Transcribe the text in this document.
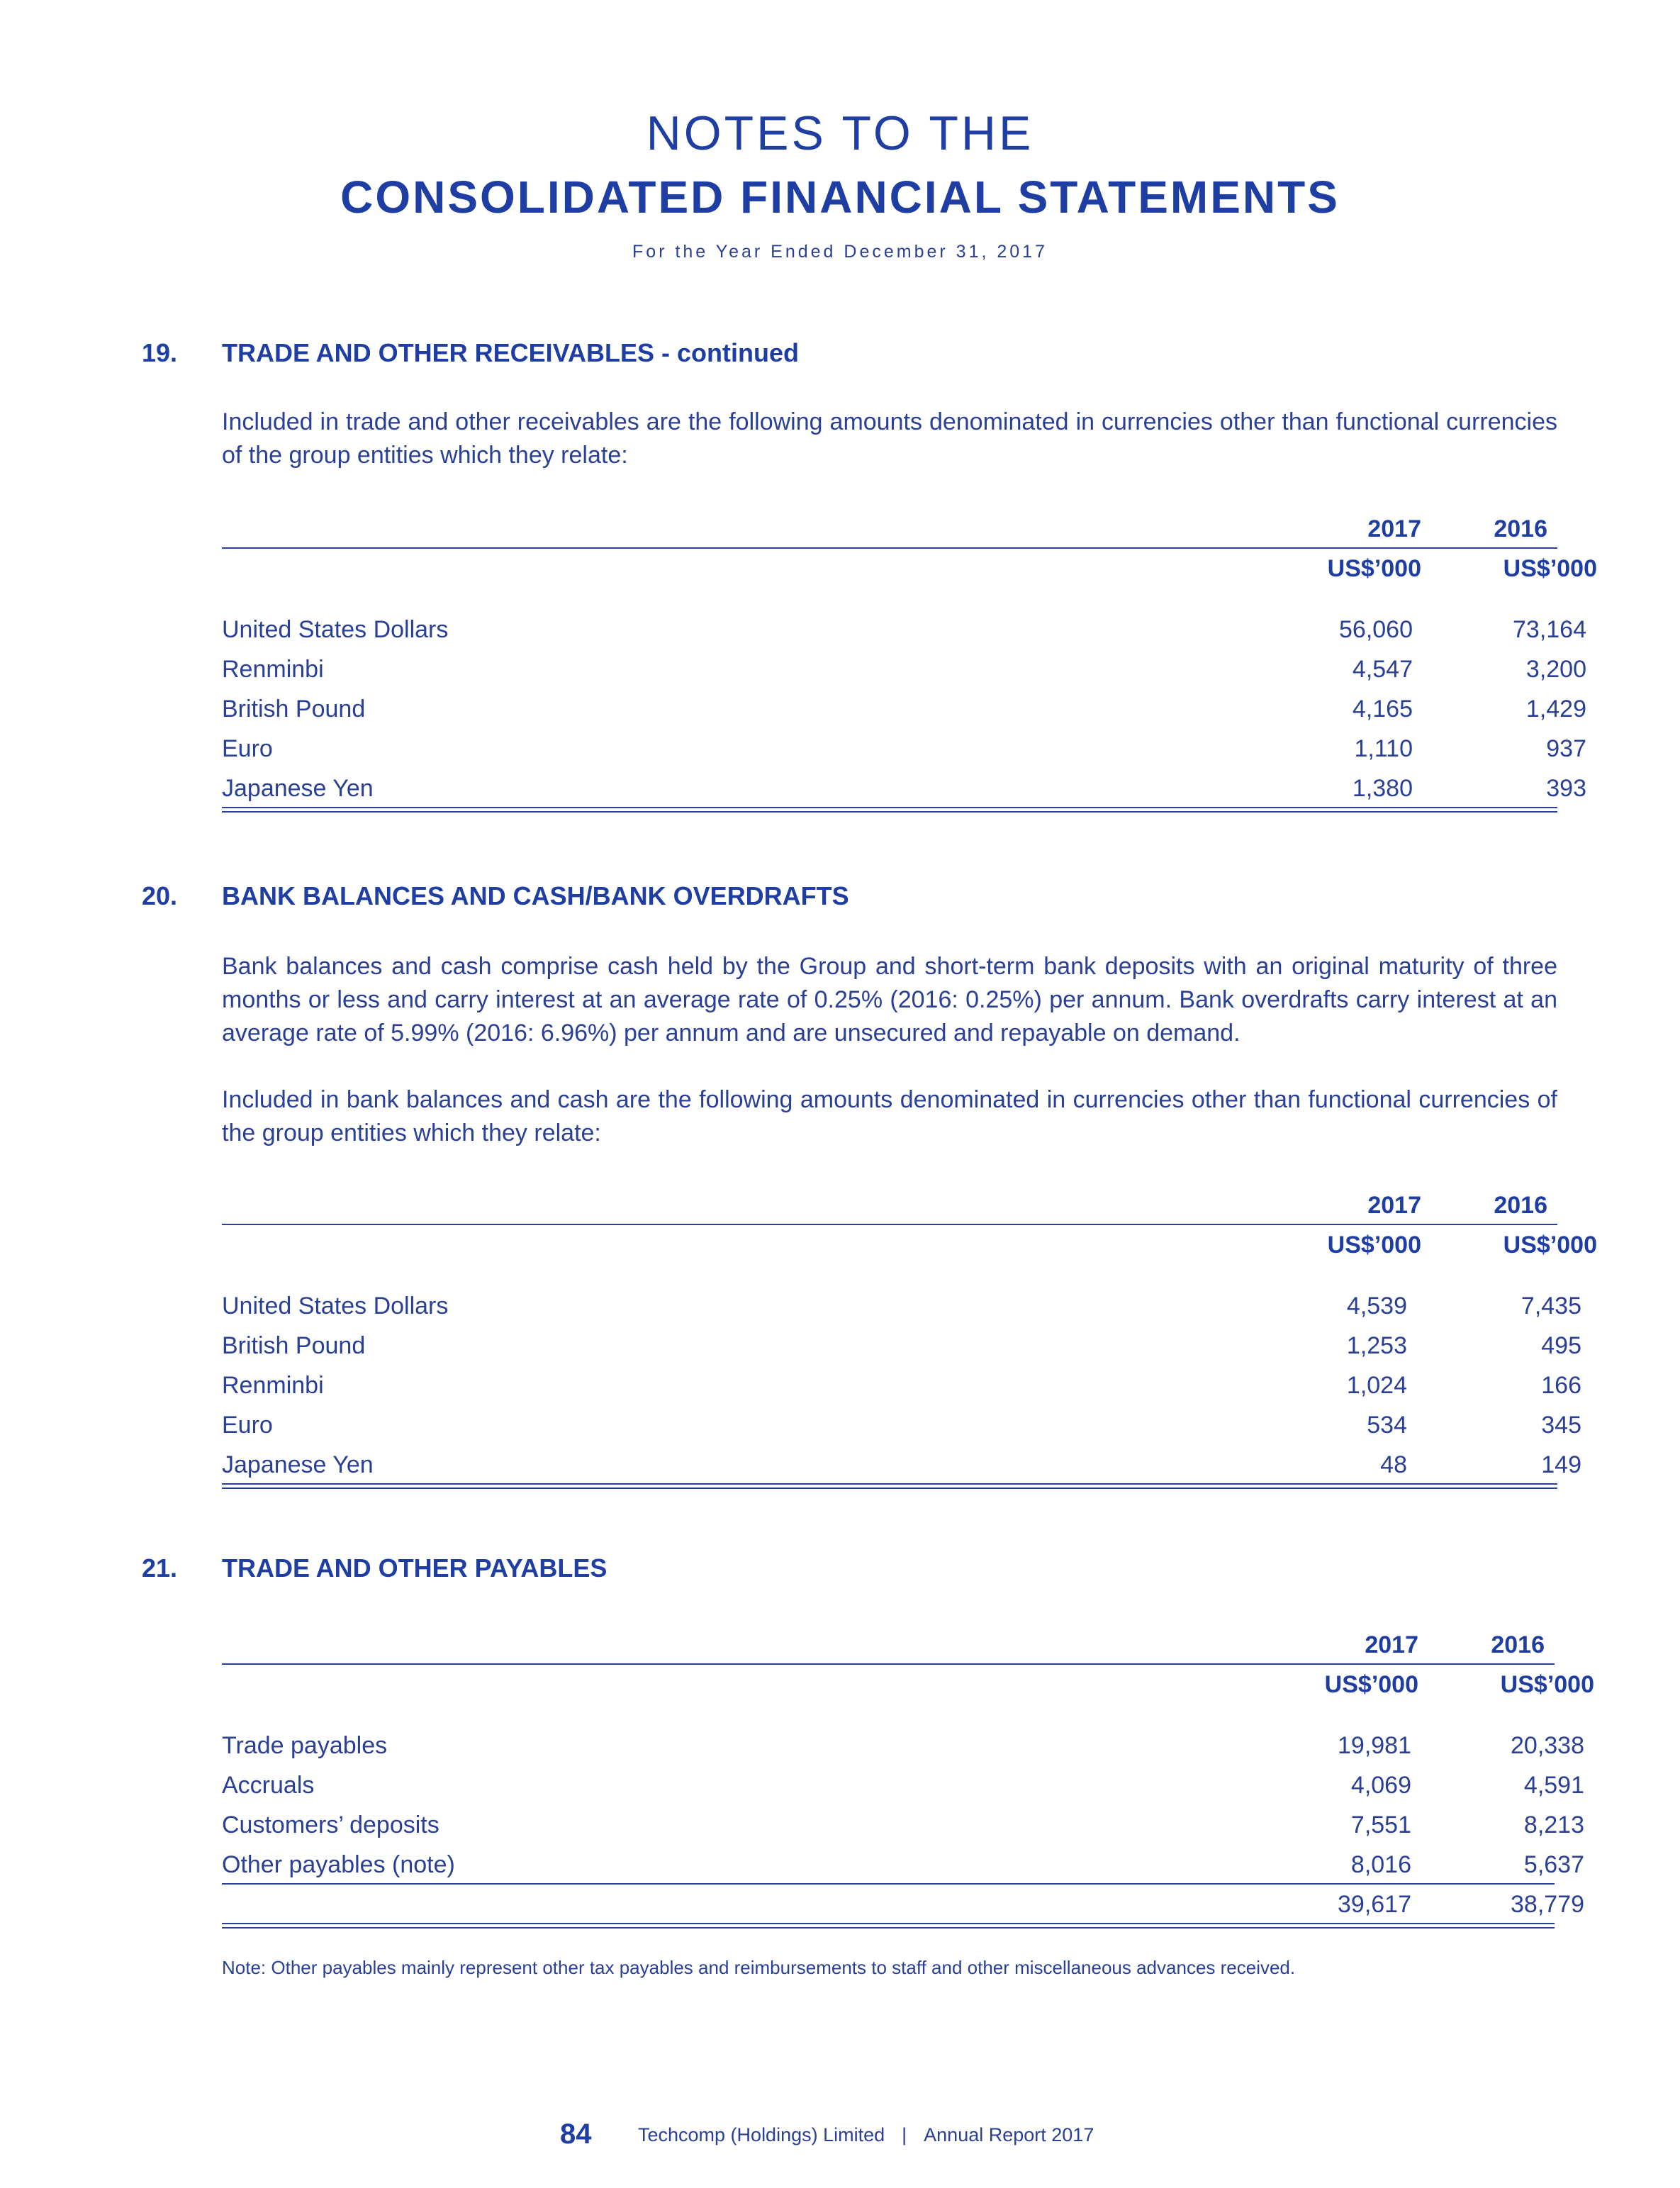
NOTES TO THE
CONSOLIDATED FINANCIAL STATEMENTS
For the Year Ended December 31, 2017
19. TRADE AND OTHER RECEIVABLES - continued
Included in trade and other receivables are the following amounts denominated in currencies other than functional currencies of the group entities which they relate:
2017	2016
US$’000	US$’000
United States Dollars	56,060	73,164
Renminbi	4,547	3,200
British Pound	4,165	1,429
Euro	1,110	937
Japanese Yen	1,380	393
20. BANK BALANCES AND CASH/BANK OVERDRAFTS
Bank balances and cash comprise cash held by the Group and short-term bank deposits with an original maturity of three months or less and carry interest at an average rate of 0.25% (2016: 0.25%) per annum. Bank overdrafts carry interest at an average rate of 5.99% (2016: 6.96%) per annum and are unsecured and repayable on demand.
Included in bank balances and cash are the following amounts denominated in currencies other than functional currencies of the group entities which they relate:
2017	2016
US$’000	US$’000
United States Dollars	4,539	7,435
British Pound	1,253	495
Renminbi	1,024	166
Euro	534	345
Japanese Yen	48	149
21. TRADE AND OTHER PAYABLES
2017	2016
US$’000	US$’000
Trade payables	19,981	20,338
Accruals	4,069	4,591
Customers’ deposits	7,551	8,213
Other payables (note)	8,016	5,637
39,617	38,779
Note: Other payables mainly represent other tax payables and reimbursements to staff and other miscellaneous advances received.
84 Techcomp (Holdings) Limited | Annual Report 2017
